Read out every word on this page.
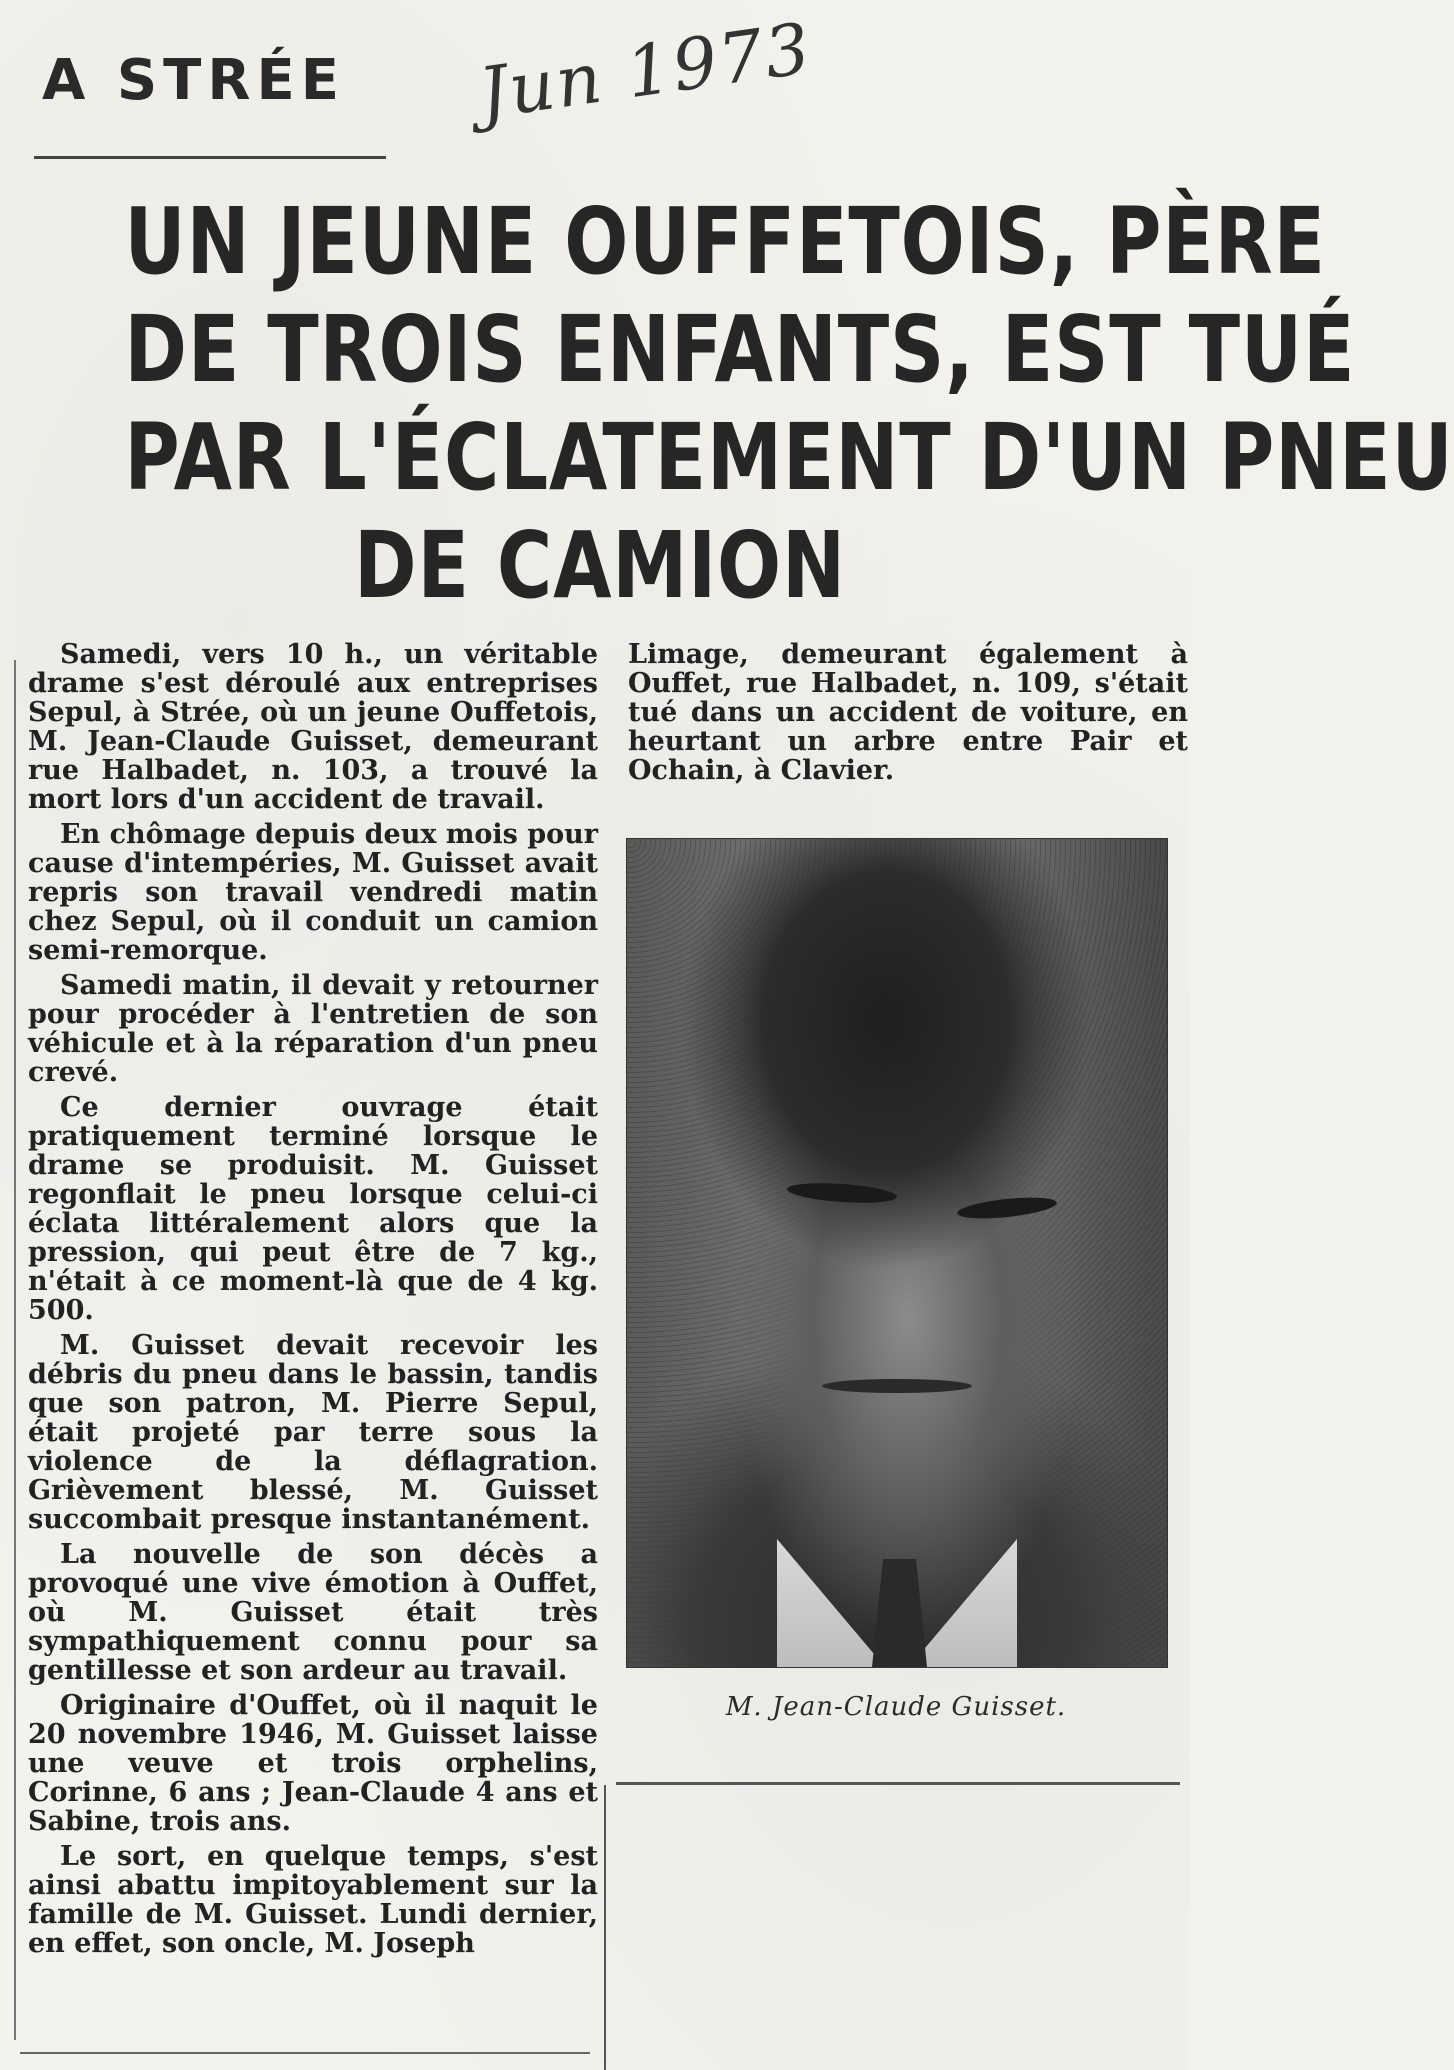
A STRÉE Jun 1973
UN JEUNE OUFFETOIS, PÈRE
DE TROIS ENFANTS, EST TUÉ
PAR L'ÉCLATEMENT D'UN PNEU
DE CAMION

Samedi, vers 10 h., un véritable drame s'est déroulé aux entreprises Sepul, à Strée, où un jeune Ouffetois, M. Jean-Claude Guisset, demeurant rue Halbadet, n. 103, a trouvé la mort lors d'un accident de travail.

En chômage depuis deux mois pour cause d'intempéries, M. Guisset avait repris son travail vendredi matin chez Sepul, où il conduit un camion semi-remorque.

Samedi matin, il devait y retourner pour procéder à l'entretien de son véhicule et à la réparation d'un pneu crevé.

Ce dernier ouvrage était pratiquement terminé lorsque le drame se produisit. M. Guisset regonflait le pneu lorsque celui-ci éclata littéralement alors que la pression, qui peut être de 7 kg., n'était à ce moment-là que de 4 kg. 500.

M. Guisset devait recevoir les débris du pneu dans le bassin, tandis que son patron, M. Pierre Sepul, était projeté par terre sous la violence de la déflagration. Grièvement blessé, M. Guisset succombait presque instantanément.

La nouvelle de son décès a provoqué une vive émotion à Ouffet, où M. Guisset était très sympathiquement connu pour sa gentillesse et son ardeur au travail.

Originaire d'Ouffet, où il naquit le 20 novembre 1946, M. Guisset laisse une veuve et trois orphelins, Corinne, 6 ans ; Jean-Claude 4 ans et Sabine, trois ans.

Le sort, en quelque temps, s'est ainsi abattu impitoyablement sur la famille de M. Guisset. Lundi dernier, en effet, son oncle, M. Joseph

Limage, demeurant également à Ouffet, rue Halbadet, n. 109, s'était tué dans un accident de voiture, en heurtant un arbre entre Pair et Ochain, à Clavier.

M. Jean-Claude Guisset.
